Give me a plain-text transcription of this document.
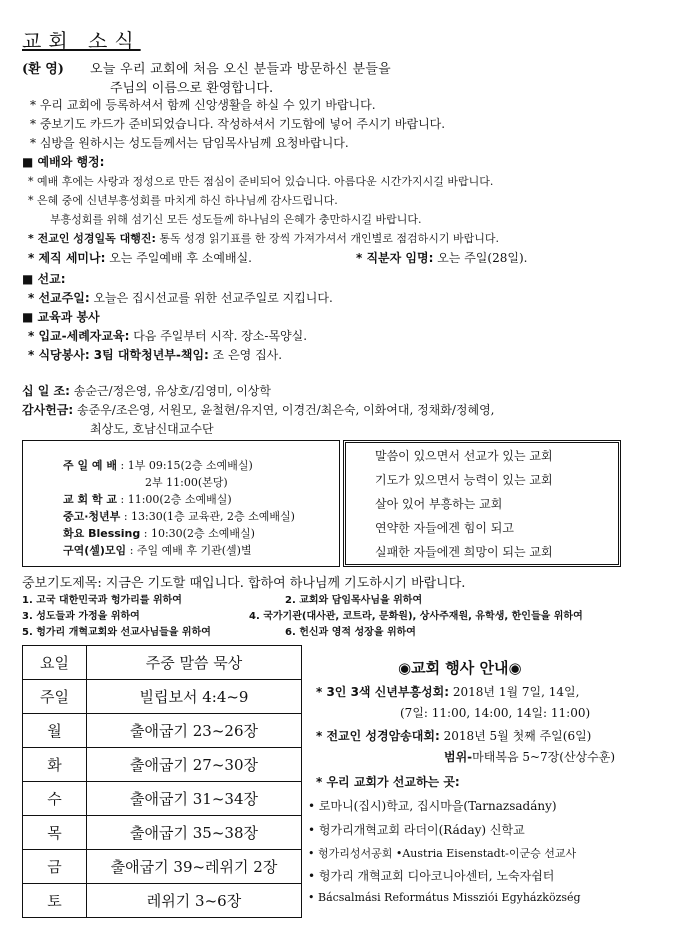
교회 소식
(환 영) 오늘 우리 교회에 처음 오신 분들과 방문하신 분들을
주님의 이름으로 환영합니다.
* 우리 교회에 등록하셔서 함께 신앙생활을 하실 수 있기 바랍니다.
* 중보기도 카드가 준비되었습니다. 작성하셔서 기도함에 넣어 주시기 바랍니다.
* 심방을 원하시는 성도들께서는 담임목사님께 요청바랍니다.
■ 예배와 행정:
* 예배 후에는 사랑과 정성으로 만든 점심이 준비되어 있습니다. 아름다운 시간가지시길 바랍니다.
* 은혜 중에 신년부흥성회를 마치게 하신 하나님께 감사드립니다.
부흥성회를 위해 섬기신 모든 성도들께 하나님의 은혜가 충만하시길 바랍니다.
* 전교인 성경일독 대행진: 통독 성경 읽기표를 한 장씩 가져가셔서 개인별로 점검하시기 바랍니다.
* 제직 세미나: 오는 주일예배 후 소예배실.	* 직분자 임명: 오는 주일(28일).
■ 선교:
* 선교주일: 오늘은 집시선교를 위한 선교주일로 지킵니다.
■ 교육과 봉사
* 입교-세례자교육: 다음 주일부터 시작. 장소-목양실.
* 식당봉사: 3팀 대학청년부-책임: 조 은영 집사.
십 일 조: 송순근/정은영, 유상호/김영미, 이상학
감사헌금: 송준우/조은영, 서원모, 윤철현/유지연, 이경건/최은숙, 이화여대, 정채화/정혜영,
최상도, 호남신대교수단
주 일 예 배 : 1부 09:15(2층 소예배실)
2부 11:00(본당)
교 회 학 교 : 11:00(2층 소예배실)
중고·청년부 : 13:30(1층 교육관, 2층 소예배실)
화요 Blessing : 10:30(2층 소예배실)
구역(셀)모임 : 주일 예배 후 기관(셀)별
말씀이 있으면서 선교가 있는 교회
기도가 있으면서 능력이 있는 교회
살아 있어 부흥하는 교회
연약한 자들에겐 힘이 되고
실패한 자들에겐 희망이 되는 교회
중보기도제목: 지금은 기도할 때입니다. 합하여 하나님께 기도하시기 바랍니다.
1. 고국 대한민국과 헝가리를 위하여	2. 교회와 담임목사님을 위하여
3. 성도들과 가정을 위하여	4. 국가기관(대사관, 코트라, 문화원), 상사주재원, 유학생, 한인들을 위하여
5. 헝가리 개혁교회와 선교사님들을 위하여	6. 헌신과 영적 성장을 위하여
요일	주중 말씀 묵상
주일	빌립보서 4:4~9
월	출애굽기 23~26장
화	출애굽기 27~30장
수	출애굽기 31~34장
목	출애굽기 35~38장
금	출애굽기 39~레위기 2장
토	레위기 3~6장
◉교회 행사 안내◉
* 3인 3색 신년부흥성회: 2018년 1월 7일, 14일,
(7일: 11:00, 14:00, 14일: 11:00)
* 전교인 성경암송대회: 2018년 5월 첫째 주일(6일)
범위-마태복음 5~7장(산상수훈)
* 우리 교회가 선교하는 곳:
• 로마니(집시)학교, 집시마을(Tarnazsadány)
• 헝가리개혁교회 라더이(Ráday) 신학교
• 헝가리성서공회 •Austria Eisenstadt-이군승 선교사
• 헝가리 개혁교회 디아코니아센터, 노숙자쉼터
• Bácsalmási Református Missziói Egyházközség
